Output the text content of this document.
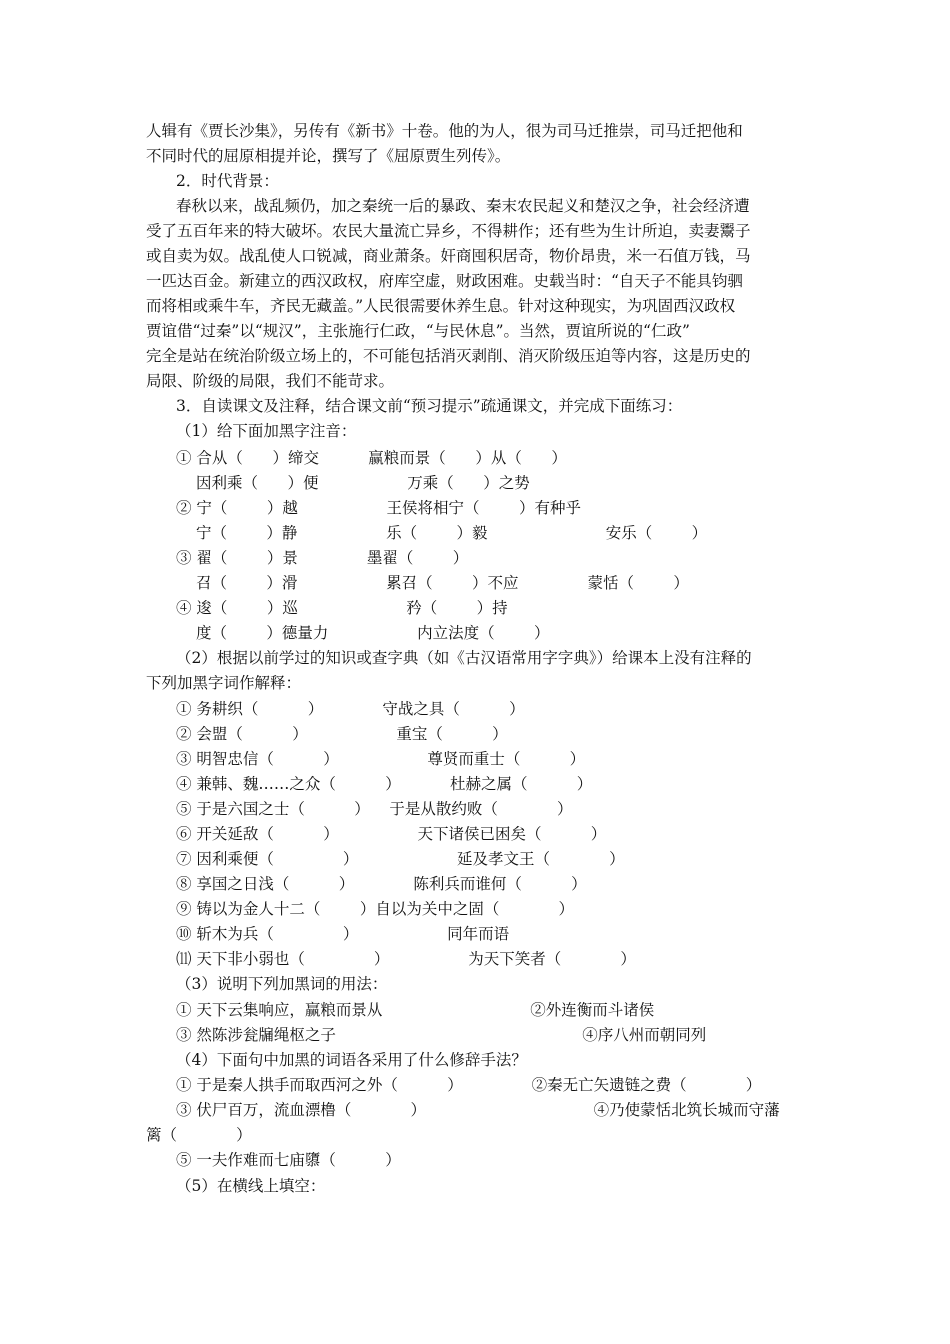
人辑有《贾长沙集》，另传有《新书》十卷。他的为人，很为司马迁推崇，司马迁把他和
不同时代的屈原相提并论，撰写了《屈原贾生列传》。
2．时代背景：
春秋以来，战乱频仍，加之秦统一后的暴政、秦末农民起义和楚汉之争，社会经济遭
受了五百年来的特大破坏。农民大量流亡异乡，不得耕作；还有些为生计所迫，卖妻鬻子
或自卖为奴。战乱使人口锐减，商业萧条。奸商囤积居奇，物价昂贵，米一石值万钱，马
一匹达百金。新建立的西汉政权，府库空虚，财政困难。史载当时：“自天子不能具钧驷
而将相或乘牛车，齐民无藏盖。”人民很需要休养生息。针对这种现实，为巩固西汉政权
贾谊借“过秦”以“规汉”，主张施行仁政，“与民休息”。当然，贾谊所说的“仁政”
完全是站在统治阶级立场上的，不可能包括消灭剥削、消灭阶级压迫等内容，这是历史的
局限、阶级的局限，我们不能苛求。
3．自读课文及注释，结合课文前“预习提示”疏通课文，并完成下面练习：
（1）给下面加黑字注音：
① 合从（      ）缔交          赢粮而景（      ）从（      ）
因利乘（      ）便                  万乘（      ）之势
② 宁（        ）越                  王侯将相宁（        ）有种乎
宁（        ）静                  乐（        ）毅                        安乐（        ）
③ 翟（        ）景              墨翟（        ）
召（        ）滑                  累召（        ）不应              蒙恬（        ）
④ 逡（        ）巡                      矜（        ）持
度（        ）德量力                  内立法度（        ）
（2）根据以前学过的知识或查字典（如《古汉语常用字字典》）给课本上没有注释的
下列加黑字词作解释：
① 务耕织（          ）            守战之具（          ）
② 会盟（          ）                  重宝（          ）
③ 明智忠信（          ）                  尊贤而重士（          ）
④ 兼韩、魏……之众（          ）          杜赫之属（          ）
⑤ 于是六国之士（          ）    于是从散约败（            ）
⑥ 开关延敌（          ）                天下诸侯已困矣（          ）
⑦ 因利乘便（              ）                    延及孝文王（            ）
⑧ 享国之日浅（          ）            陈利兵而谁何（          ）
⑨ 铸以为金人十二（        ）自以为关中之固（            ）
⑩ 斩木为兵（              ）                  同年而语
⑾ 天下非小弱也（              ）                为天下笑者（            ）
（3）说明下列加黑词的用法：
① 天下云集响应，赢粮而景从                              ②外连衡而斗诸侯
③ 然陈涉瓮牖绳枢之子                                                  ④序八州而朝同列
（4）下面句中加黑的词语各采用了什么修辞手法？
① 于是秦人拱手而取西河之外（          ）              ②秦无亡矢遗链之费（            ）
③ 伏尸百万，流血漂橹（            ）                                  ④乃使蒙恬北筑长城而守藩
篱（            ）
⑤ 一夫作难而七庙隳（          ）
（5）在横线上填空：
